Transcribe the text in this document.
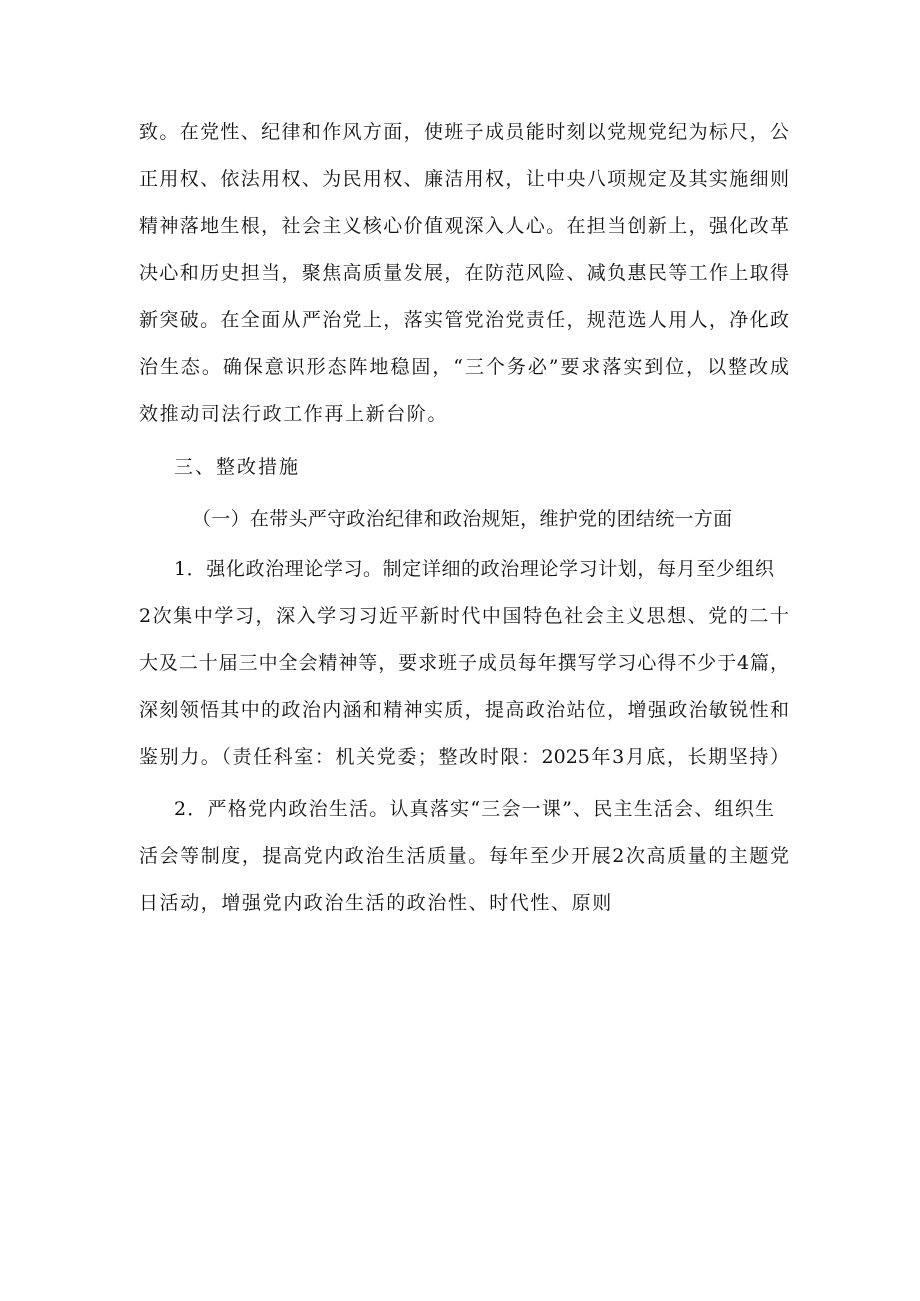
致。在党性、纪律和作风方面，使班子成员能时刻以党规党纪为标尺，公
正用权、依法用权、为民用权、廉洁用权，让中央八项规定及其实施细则
精神落地生根，社会主义核心价值观深入人心。在担当创新上，强化改革
决心和历史担当，聚焦高质量发展，在防范风险、减负惠民等工作上取得
新突破。在全面从严治党上，落实管党治党责任，规范选人用人，净化政
治生态。确保意识形态阵地稳固，“三个务必”要求落实到位，以整改成
效推动司法行政工作再上新台阶。
三、整改措施
（一）在带头严守政治纪律和政治规矩，维护党的团结统一方面
1．强化政治理论学习。制定详细的政治理论学习计划，每月至少组织
2次集中学习，深入学习习近平新时代中国特色社会主义思想、党的二十
大及二十届三中全会精神等，要求班子成员每年撰写学习心得不少于4篇，
深刻领悟其中的政治内涵和精神实质，提高政治站位，增强政治敏锐性和
鉴别力。（责任科室：机关党委；整改时限：2025年3月底，长期坚持）
2．严格党内政治生活。认真落实“三会一课”、民主生活会、组织生
活会等制度，提高党内政治生活质量。每年至少开展2次高质量的主题党
日活动，增强党内政治生活的政治性、时代性、原则
